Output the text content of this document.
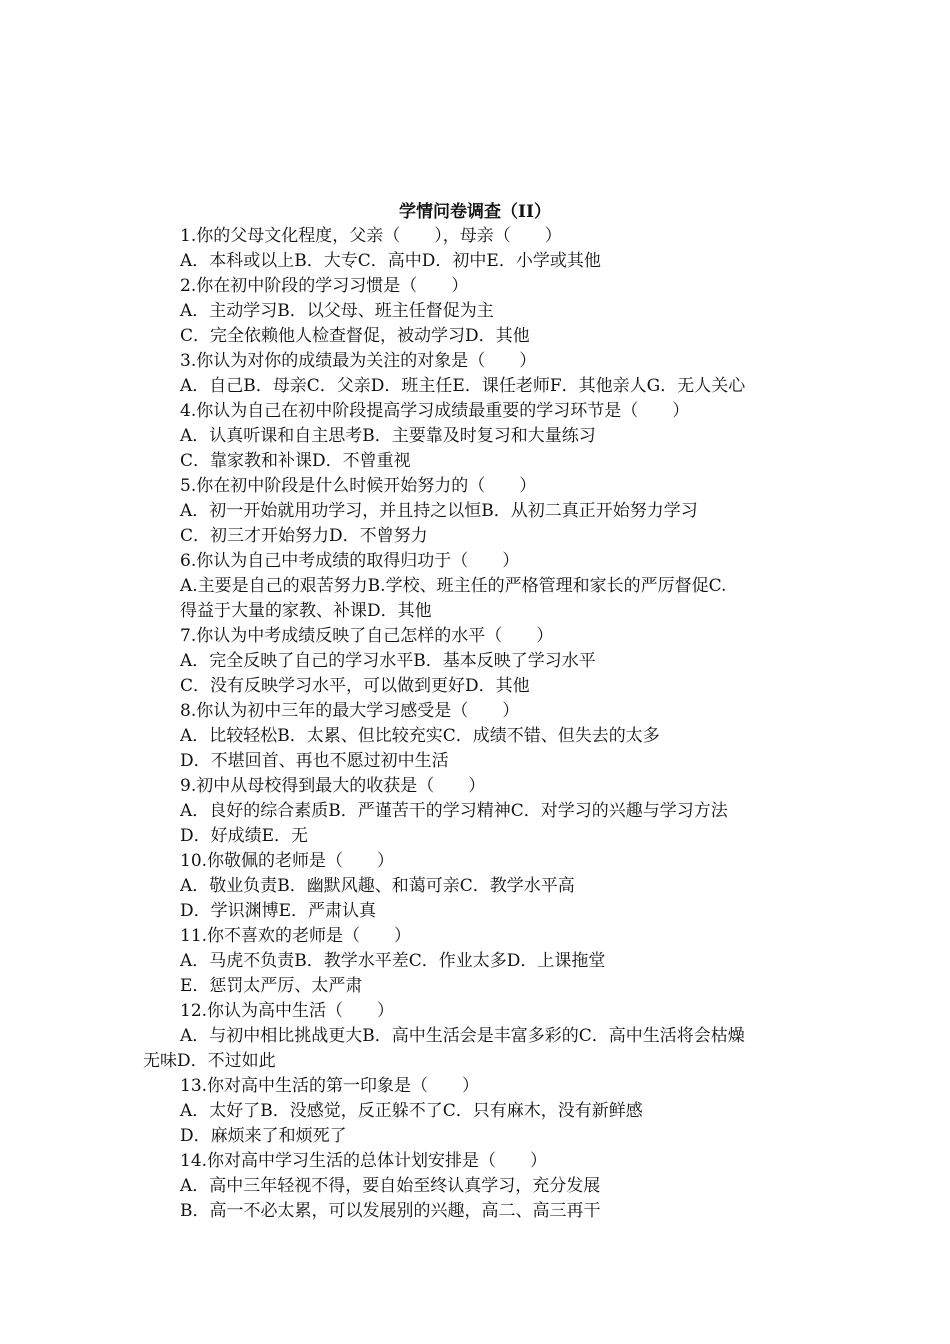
学情问卷调查（II）
1.你的父母文化程度，父亲（　　），母亲（　　）
A．本科或以上B．大专C．高中D．初中E．小学或其他
2.你在初中阶段的学习习惯是（　　）
A．主动学习B．以父母、班主任督促为主
C．完全依赖他人检查督促，被动学习D．其他
3.你认为对你的成绩最为关注的对象是（　　）
A．自己B．母亲C．父亲D．班主任E．课任老师F．其他亲人G．无人关心
4.你认为自己在初中阶段提高学习成绩最重要的学习环节是（　　）
A．认真听课和自主思考B．主要靠及时复习和大量练习
C．靠家教和补课D．不曾重视
5.你在初中阶段是什么时候开始努力的（　　）
A．初一开始就用功学习，并且持之以恒B．从初二真正开始努力学习
C．初三才开始努力D．不曾努力
6.你认为自己中考成绩的取得归功于（　　）
A.主要是自己的艰苦努力B.学校、班主任的严格管理和家长的严厉督促C.
得益于大量的家教、补课D．其他
7.你认为中考成绩反映了自己怎样的水平（　　）
A．完全反映了自己的学习水平B．基本反映了学习水平
C．没有反映学习水平，可以做到更好D．其他
8.你认为初中三年的最大学习感受是（　　）
A．比较轻松B．太累、但比较充实C．成绩不错、但失去的太多
D．不堪回首、再也不愿过初中生活
9.初中从母校得到最大的收获是（　　）
A．良好的综合素质B．严谨苦干的学习精神C．对学习的兴趣与学习方法
D．好成绩E．无
10.你敬佩的老师是（　　）
A．敬业负责B．幽默风趣、和蔼可亲C．教学水平高
D．学识渊博E．严肃认真
11.你不喜欢的老师是（　　）
A．马虎不负责B．教学水平差C．作业太多D．上课拖堂
E．惩罚太严厉、太严肃
12.你认为高中生活（　　）
A．与初中相比挑战更大B．高中生活会是丰富多彩的C．高中生活将会枯燥
无味D．不过如此
13.你对高中生活的第一印象是（　　）
A．太好了B．没感觉，反正躲不了C．只有麻木，没有新鲜感
D．麻烦来了和烦死了
14.你对高中学习生活的总体计划安排是（　　）
A．高中三年轻视不得，要自始至终认真学习，充分发展
B．高一不必太累，可以发展别的兴趣，高二、高三再干
